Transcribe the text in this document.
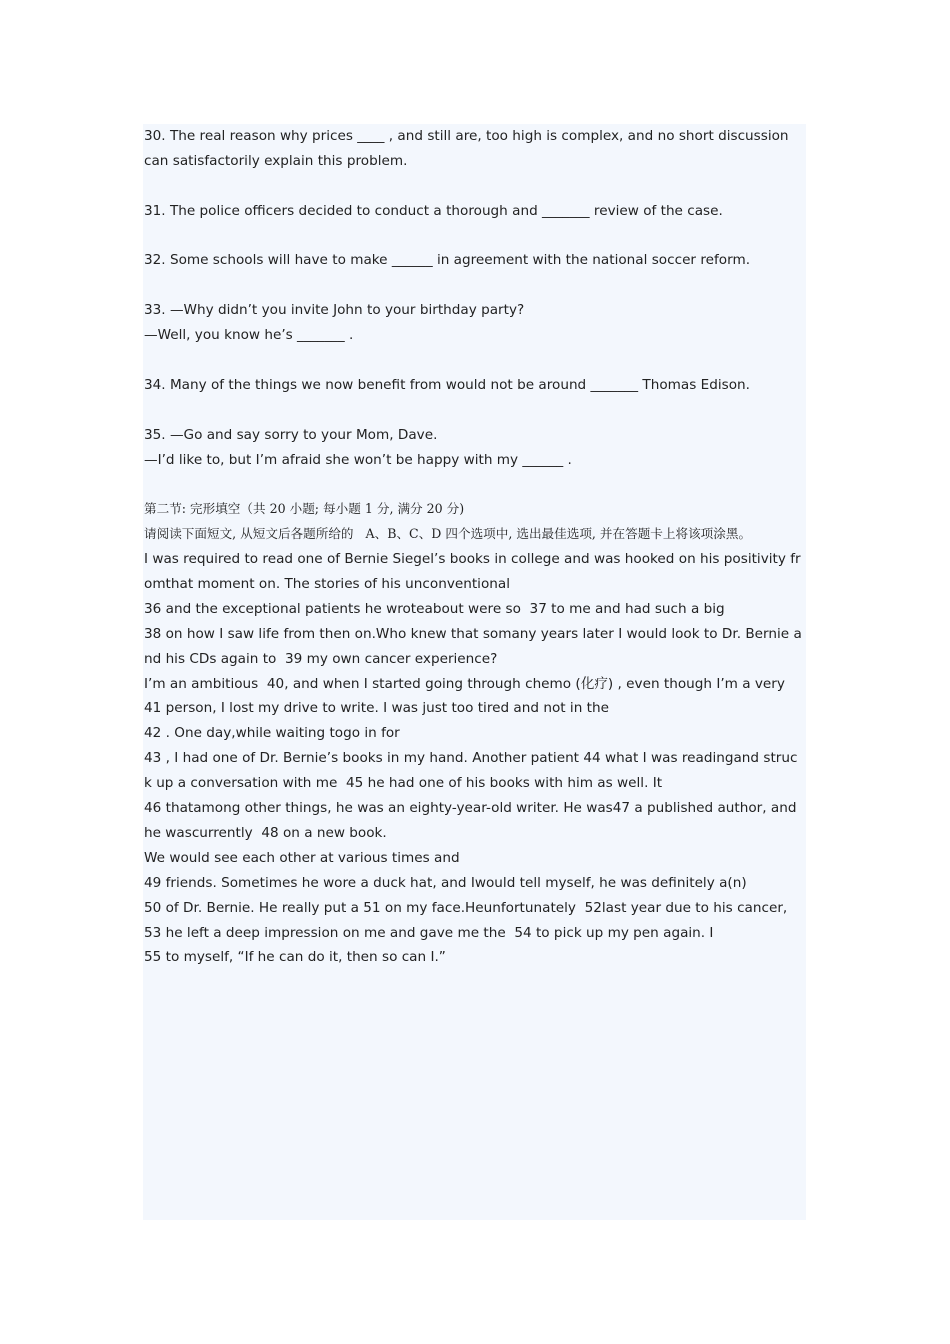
30. The real reason why prices ____ , and still are, too high is complex, and no short discussion
can satisfactorily explain this problem.

31. The police officers decided to conduct a thorough and _______ review of the case.

32. Some schools will have to make ______ in agreement with the national soccer reform.

33. —Why didn’t you invite John to your birthday party?
—Well, you know he’s _______ .

34. Many of the things we now benefit from would not be around _______ Thomas Edison.

35. —Go and say sorry to your Mom, Dave.
—I’d like to, but I’m afraid she won’t be happy with my ______ .

第二节: 完形填空（共 20 小题; 每小题 1 分, 满分 20 分)
请阅读下面短文, 从短文后各题所给的   A、B、C、D 四个选项中, 选出最佳选项, 并在答题卡上将该项涂黑。
I was required to read one of Bernie Siegel’s books in college and was hooked on his positivity fr
omthat moment on. The stories of his unconventional
36 and the exceptional patients he wroteabout were so  37 to me and had such a big
38 on how I saw life from then on.Who knew that somany years later I would look to Dr. Bernie a
nd his CDs again to  39 my own cancer experience?
I’m an ambitious  40, and when I started going through chemo (化疗) , even though I’m a very
41 person, I lost my drive to write. I was just too tired and not in the
42 . One day,while waiting togo in for
43 , I had one of Dr. Bernie’s books in my hand. Another patient 44 what I was readingand struc
k up a conversation with me  45 he had one of his books with him as well. It
46 thatamong other things, he was an eighty-year-old writer. He was47 a published author, and
he wascurrently  48 on a new book.
We would see each other at various times and
49 friends. Sometimes he wore a duck hat, and Iwould tell myself, he was definitely a(n)
50 of Dr. Bernie. He really put a 51 on my face.Heunfortunately  52last year due to his cancer,
53 he left a deep impression on me and gave me the  54 to pick up my pen again. I
55 to myself, “If he can do it, then so can I.”
